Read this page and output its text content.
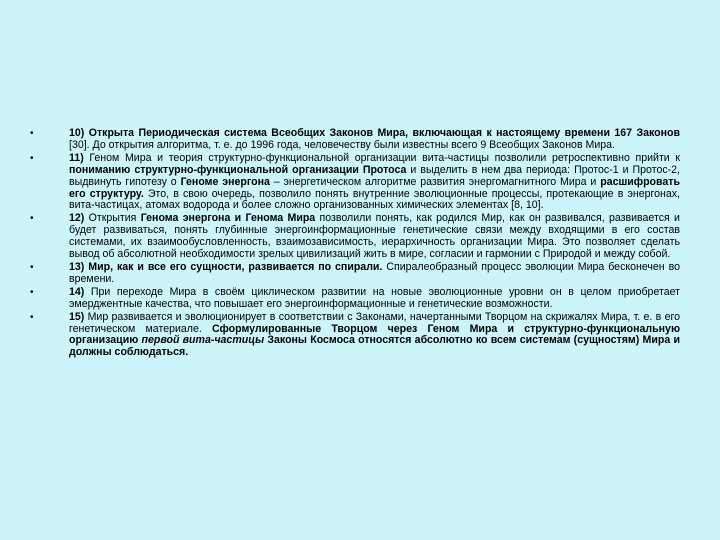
•	10) Открыта Периодическая система Всеобщих Законов Мира, включающая к настоящему времени 167 Законов [30]. До открытия алгоритма, т. е. до 1996 года, человечеству были известны всего 9 Всеобщих Законов Мира.
•	11) Геном Мира и теория структурно-функциональной организации вита-частицы позволили ретроспективно прийти к пониманию структурно-функциональной организации Протоса и выделить в нем два периода: Протос-1 и Протос-2, выдвинуть гипотезу о Геноме энергона – энергетическом алгоритме развития энергомагнитного Мира и расшифровать его структуру. Это, в свою очередь, позволило понять внутренние эволюционные процессы, протекающие в энергонах, вита-частицах, атомах водорода и более сложно организованных химических элементах [8, 10].
•	12) Открытия Генома энергона и Генома Мира позволили понять, как родился Мир, как он развивался, развивается и будет развиваться, понять глубинные энергоинформационные генетические связи между входящими в его состав системами, их взаимообусловленность, взаимозависимость, иерархичность организации Мира. Это позволяет сделать вывод об абсолютной необходимости зрелых цивилизаций жить в мире, согласии и гармонии с Природой и между собой.
•	13) Мир, как и все его сущности, развивается по спирали. Спиралеобразный процесс эволюции Мира бесконечен во времени.
•	14) При переходе Мира в своём цикличеcком развитии на новые эволюционные уровни он в целом приобретает эмерджентные качества, что повышает его энергоинформационные и генетические возможности.
•	15) Мир развивается и эволюционирует в соответствии с Законами, начертанными Творцом на скрижалях Мира, т. е. в его генетическом материале. Сформулированные Творцом через Геном Мира и структурно-функциональную организацию первой вита-частицы Законы Космоса относятся абсолютно ко всем системам (сущностям) Мира и должны соблюдаться.
